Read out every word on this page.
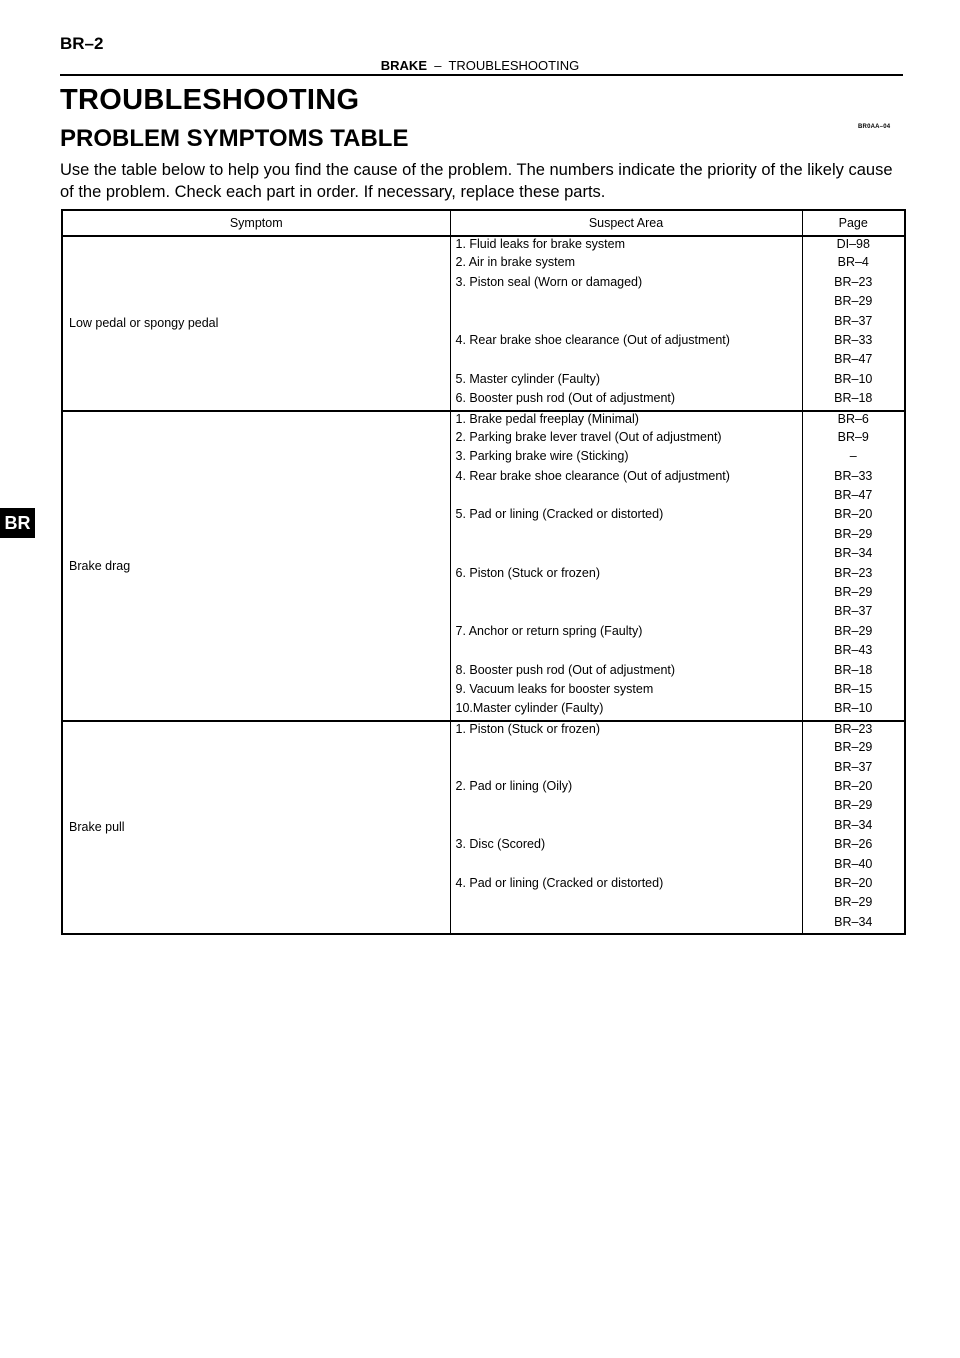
BR–2
BRAKE – TROUBLESHOOTING
TROUBLESHOOTING
PROBLEM SYMPTOMS TABLE	BR0AA–04
Use the table below to help you find the cause of the problem. The numbers indicate the priority of the likely cause of the problem. Check each part in order. If necessary, replace these parts.
BR
Symptom	Suspect Area	Page
Low pedal or spongy pedal	1. Fluid leaks for brake system	DI–98
	2. Air in brake system	BR–4
	3. Piston seal (Worn or damaged)	BR–23
		BR–29
		BR–37
	4. Rear brake shoe clearance (Out of adjustment)	BR–33
		BR–47
	5. Master cylinder (Faulty)	BR–10
	6. Booster push rod (Out of adjustment)	BR–18
Brake drag	1. Brake pedal freeplay (Minimal)	BR–6
	2. Parking brake lever travel (Out of adjustment)	BR–9
	3. Parking brake wire (Sticking)	–
	4. Rear brake shoe clearance (Out of adjustment)	BR–33
		BR–47
	5. Pad or lining (Cracked or distorted)	BR–20
		BR–29
		BR–34
	6. Piston (Stuck or frozen)	BR–23
		BR–29
		BR–37
	7. Anchor or return spring (Faulty)	BR–29
		BR–43
	8. Booster push rod (Out of adjustment)	BR–18
	9. Vacuum leaks for booster system	BR–15
	10.Master cylinder (Faulty)	BR–10
Brake pull	1. Piston (Stuck or frozen)	BR–23
		BR–29
		BR–37
	2. Pad or lining (Oily)	BR–20
		BR–29
		BR–34
	3. Disc (Scored)	BR–26
		BR–40
	4. Pad or lining (Cracked or distorted)	BR–20
		BR–29
		BR–34
